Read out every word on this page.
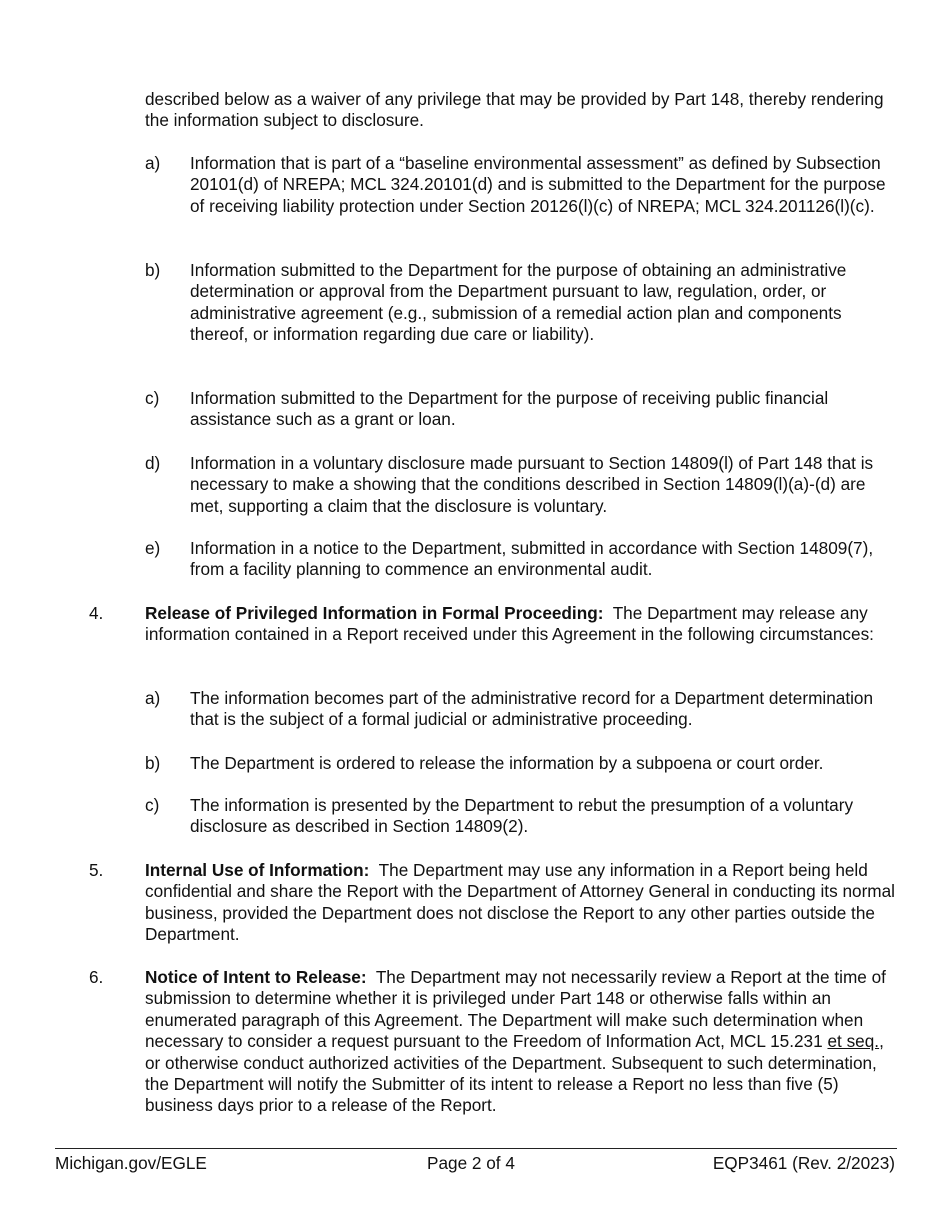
described below as a waiver of any privilege that may be provided by Part 148, thereby rendering the information subject to disclosure.
a) Information that is part of a “baseline environmental assessment” as defined by Subsection 20101(d) of NREPA; MCL 324.20101(d) and is submitted to the Department for the purpose of receiving liability protection under Section 20126(l)(c) of NREPA; MCL 324.201126(l)(c).
b) Information submitted to the Department for the purpose of obtaining an administrative
determination or approval from the Department pursuant to law, regulation, order, or administrative agreement (e.g., submission of a remedial action plan and components thereof, or information regarding due care or liability).
c) Information submitted to the Department for the purpose of receiving public financial assistance such as a grant or loan.
d) Information in a voluntary disclosure made pursuant to Section 14809(l) of Part 148 that is necessary to make a showing that the conditions described in Section 14809(l)(a)-(d) are met, supporting a claim that the disclosure is voluntary.
e) Information in a notice to the Department, submitted in accordance with Section 14809(7), from a facility planning to commence an environmental audit.
4. Release of Privileged Information in Formal Proceeding: The Department may release any information contained in a Report received under this Agreement in the following circumstances:
a) The information becomes part of the administrative record for a Department determination that is the subject of a formal judicial or administrative proceeding.
b) The Department is ordered to release the information by a subpoena or court order.
c) The information is presented by the Department to rebut the presumption of a voluntary disclosure as described in Section 14809(2).
5. Internal Use of Information: The Department may use any information in a Report being held confidential and share the Report with the Department of Attorney General in conducting its normal business, provided the Department does not disclose the Report to any other parties outside the Department.
6. Notice of Intent to Release: The Department may not necessarily review a Report at the time of submission to determine whether it is privileged under Part 148 or otherwise falls within an enumerated paragraph of this Agreement. The Department will make such determination when necessary to consider a request pursuant to the Freedom of Information Act, MCL 15.231 et seq., or otherwise conduct authorized activities of the Department. Subsequent to such determination, the Department will notify the Submitter of its intent to release a Report no less than five (5) business days prior to a release of the Report.
Michigan.gov/EGLE	Page 2 of 4	EQP3461 (Rev. 2/2023)
